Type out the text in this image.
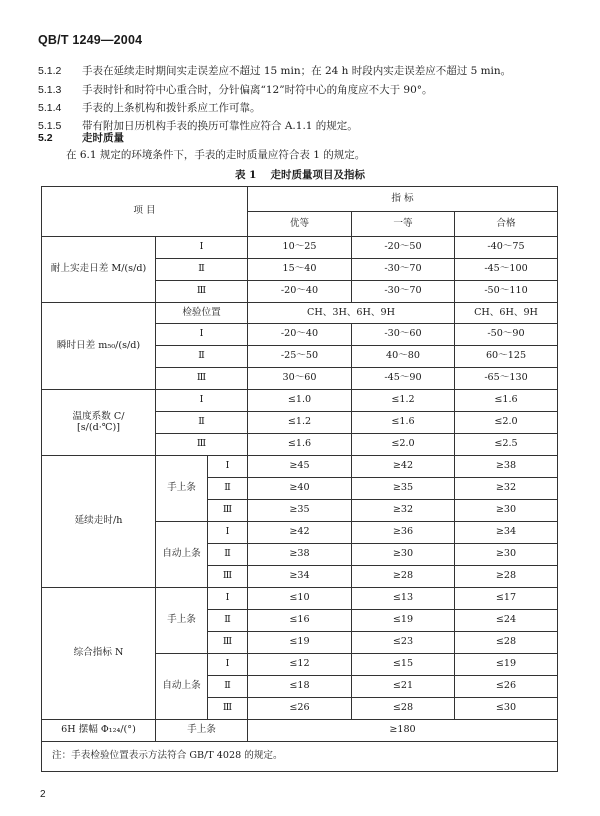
QB/T 1249—2004
5.1.2 手表在延续走时期间实走误差应不超过 15 min；在 24 h 时段内实走误差应不超过 5 min。
5.1.3 手表时针和时符中心重合时，分针偏离“12”时符中心的角度应不大于 90°。
5.1.4 手表的上条机构和拨针系应工作可靠。
5.1.5 带有附加日历机构手表的换历可靠性应符合 A.1.1 的规定。
5.2	走时质量
在 6.1 规定的环境条件下，手表的走时质量应符合表 1 的规定。
表 1 走时质量项目及指标
项 目			指 标		
			优等	一等	合格
耐上实走日差 M/(s/d)	Ⅰ		10～25	-20～50	-40～75
	Ⅱ		15～40	-30～70	-45～100
	Ⅲ		-20～40	-30～70	-50～110
瞬时日差 m₅₀/(s/d)	检验位置		CH、3H、6H、9H		CH、6H、9H
	Ⅰ		-20～40	-30～60	-50～90
	Ⅱ		-25～50	40～80	60～125
	Ⅲ		30～60	-45～90	-65～130

温度系数 C/
[s/(d·℃)]	Ⅰ		≤1.0	≤1.2	≤1.6
	Ⅱ		≤1.2	≤1.6	≤2.0
	Ⅲ		≤1.6	≤2.0	≤2.5
延续走时/h	手上条	Ⅰ	≥45	≥42	≥38
		Ⅱ	≥40	≥35	≥32
		Ⅲ	≥35	≥32	≥30
	自动上条	Ⅰ	≥42	≥36	≥34
		Ⅱ	≥38	≥30	≥30
		Ⅲ	≥34	≥28	≥28
综合指标 N	手上条	Ⅰ	≤10	≤13	≤17
		Ⅱ	≤16	≤19	≤24
		Ⅲ	≤19	≤23	≤28
	自动上条	Ⅰ	≤12	≤15	≤19
		Ⅱ	≤18	≤21	≤26
		Ⅲ	≤26	≤28	≤30
6H 摆幅 Φ₁₂₄/(°)	手上条		≥180		
注：手表检验位置表示方法符合 GB/T 4028 的规定。					
2
